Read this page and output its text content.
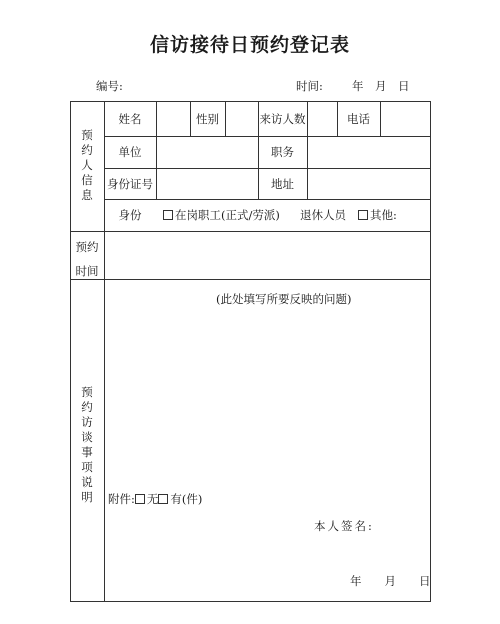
信访接待日预约登记表
编号:	时间:	年　月　日
预
约
人
信
息
姓名	性别	来访人数	电话
单位	职务
身份证号	地址
身份	在岗职工(正式/劳派) 退休人员 其他:
预约
时间
预
约
访
谈
事
项
说
明
(此处填写所要反映的问题)
附件: 无 有(件)
本人签名:
年　　月　　日
